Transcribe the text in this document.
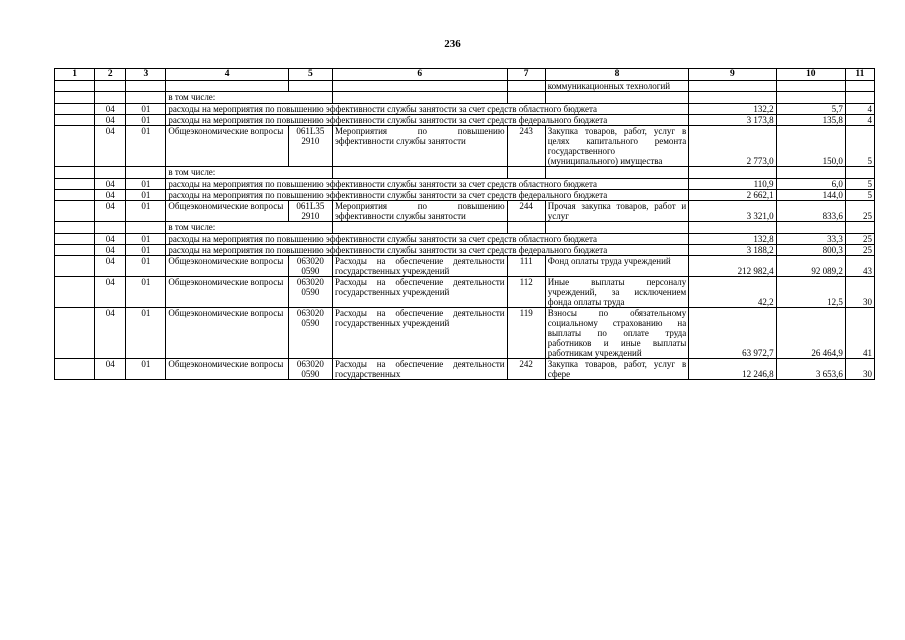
236
1	2	3	4	5	6	7	8	9	10	11
							коммуникационных технологий			
			в том числе:							
	04	01	расходы на мероприятия по повышению эффективности службы занятости за счет средств областного бюджета					132,2	5,7	4
	04	01	расходы на мероприятия по повышению эффективности службы занятости за счет средств федерального бюджета					3 173,8	135,8	4
	04	01	Общеэкономические вопросы	061L35 2910	Мероприятия по повышению эффективности службы занятости	243	Закупка товаров, работ, услуг в целях капитального ремонта государственного (муниципального) имущества	2 773,0	150,0	5
			в том числе:							
	04	01	расходы на мероприятия по повышению эффективности службы занятости за счет средств областного бюджета					110,9	6,0	5
	04	01	расходы на мероприятия по повышению эффективности службы занятости за счет средств федерального бюджета					2 662,1	144,0	5
	04	01	Общеэкономические вопросы	061L35 2910	Мероприятия по повышению эффективности службы занятости	244	Прочая закупка товаров, работ и услуг	3 321,0	833,6	25
			в том числе:							
	04	01	расходы на мероприятия по повышению эффективности службы занятости за счет средств областного бюджета					132,8	33,3	25
	04	01	расходы на мероприятия по повышению эффективности службы занятости за счет средств федерального бюджета					3 188,2	800,3	25
	04	01	Общеэкономические вопросы	063020 0590	Расходы на обеспечение деятельности государственных учреждений	111	Фонд оплаты труда учреждений	212 982,4	92 089,2	43
	04	01	Общеэкономические вопросы	063020 0590	Расходы на обеспечение деятельности государственных учреждений	112	Иные выплаты персоналу учреждений, за исключением фонда оплаты труда	42,2	12,5	30
	04	01	Общеэкономические вопросы	063020 0590	Расходы на обеспечение деятельности государственных учреждений	119	Взносы по обязательному социальному страхованию на выплаты по оплате труда работников и иные выплаты работникам учреждений	63 972,7	26 464,9	41
	04	01	Общеэкономические вопросы	063020 0590	Расходы на обеспечение деятельности государственных	242	Закупка товаров, работ, услуг в сфере	12 246,8	3 653,6	30
